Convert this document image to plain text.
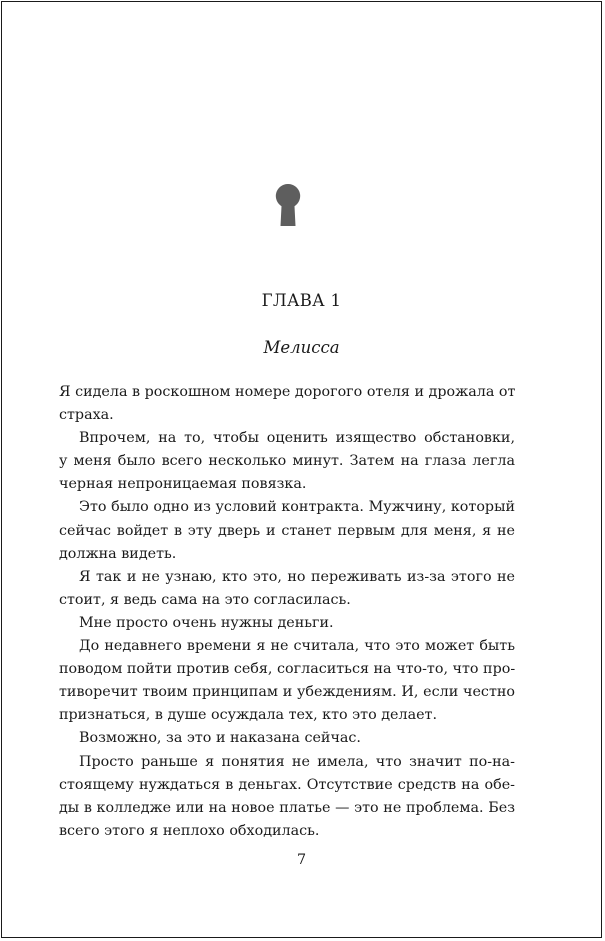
ГЛАВА 1
Мелисса
Я сидела в роскошном номере дорогого отеля и дрожала от
страха.
Впрочем, на то, чтобы оценить изящество обстановки,
у меня было всего несколько минут. Затем на глаза легла
черная непроницаемая повязка.
Это было одно из условий контракта. Мужчину, который
сейчас войдет в эту дверь и станет первым для меня, я не
должна видеть.
Я так и не узнаю, кто это, но переживать из-за этого не
стоит, я ведь сама на это согласилась.
Мне просто очень нужны деньги.
До недавнего времени я не считала, что это может быть
поводом пойти против себя, согласиться на что-то, что про-
тиворечит твоим принципам и убеждениям. И, если честно
признаться, в душе осуждала тех, кто это делает.
Возможно, за это и наказана сейчас.
Просто раньше я понятия не имела, что значит по-на-
стоящему нуждаться в деньгах. Отсутствие средств на обе-
ды в колледже или на новое платье — это не проблема. Без
всего этого я неплохо обходилась.
7
